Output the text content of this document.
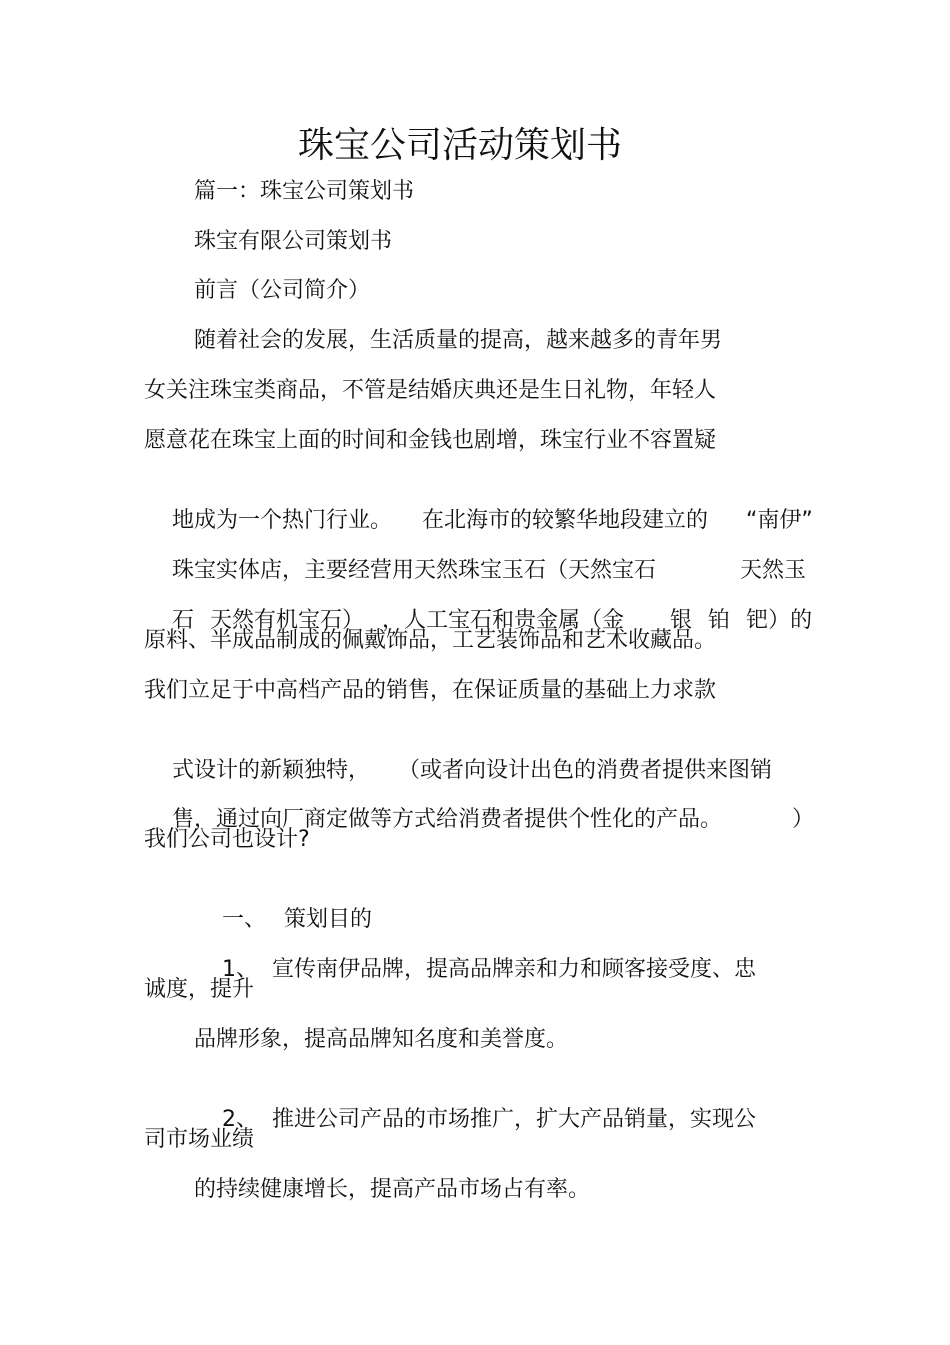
珠宝公司活动策划书
篇一：珠宝公司策划书
珠宝有限公司策划书
前言（公司简介）
随着社会的发展，生活质量的提高，越来越多的青年男
女关注珠宝类商品，不管是结婚庆典还是生日礼物，年轻人
愿意花在珠宝上面的时间和金钱也剧增，珠宝行业不容置疑

地成为一个热门行业。 在北海市的较繁华地段建立的 “南伊”

珠宝实体店，主要经营用天然珠宝玉石（天然宝石	天然玉

石 天然有机宝石） ，人工宝石和贵金属（金 银 铂 钯）的

原料、半成品制成的佩戴饰品，工艺装饰品和艺术收藏品。
我们立足于中高档产品的销售，在保证质量的基础上力求款

式设计的新颖独特， （或者向设计出色的消费者提供来图销

售，通过向厂商定做等方式给消费者提供个性化的产品。	）

我们公司也设计?

一、 策划目的

1、 宣传南伊品牌，提高品牌亲和力和顾客接受度、忠

诚度，提升
品牌形象，提高品牌知名度和美誉度。

2、 推进公司产品的市场推广，扩大产品销量，实现公

司市场业绩
的持续健康增长，提高产品市场占有率。
